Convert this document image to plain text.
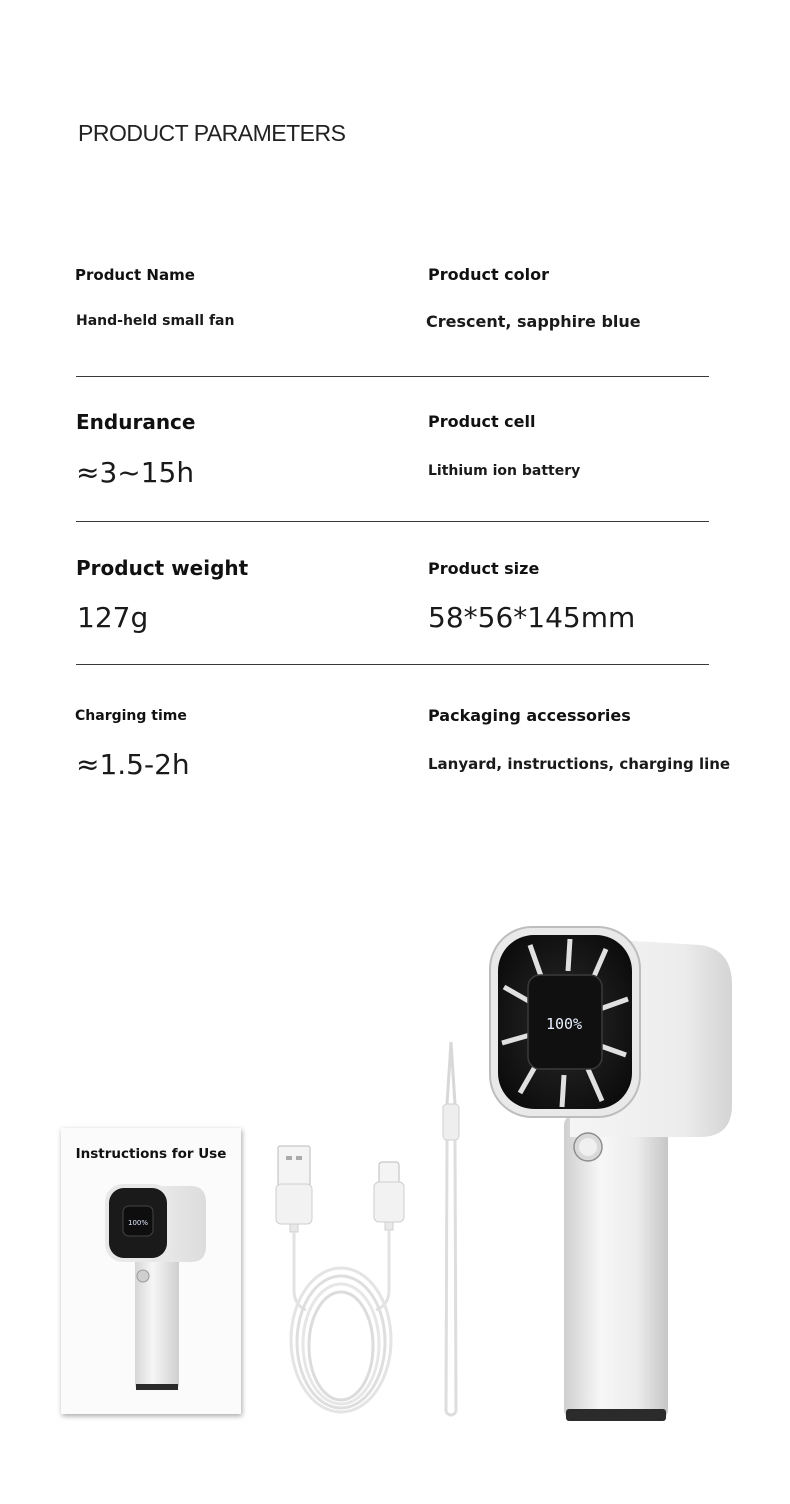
PRODUCT PARAMETERS
Product Name
Hand-held small fan
Product color
Crescent, sapphire blue
Endurance
≈3~15h
Product cell
Lithium ion battery
Product weight
127g
Product size
58*56*145mm
Charging time
≈1.5-2h
Packaging accessories
Lanyard, instructions, charging line
Instructions for Use
100%
100%
